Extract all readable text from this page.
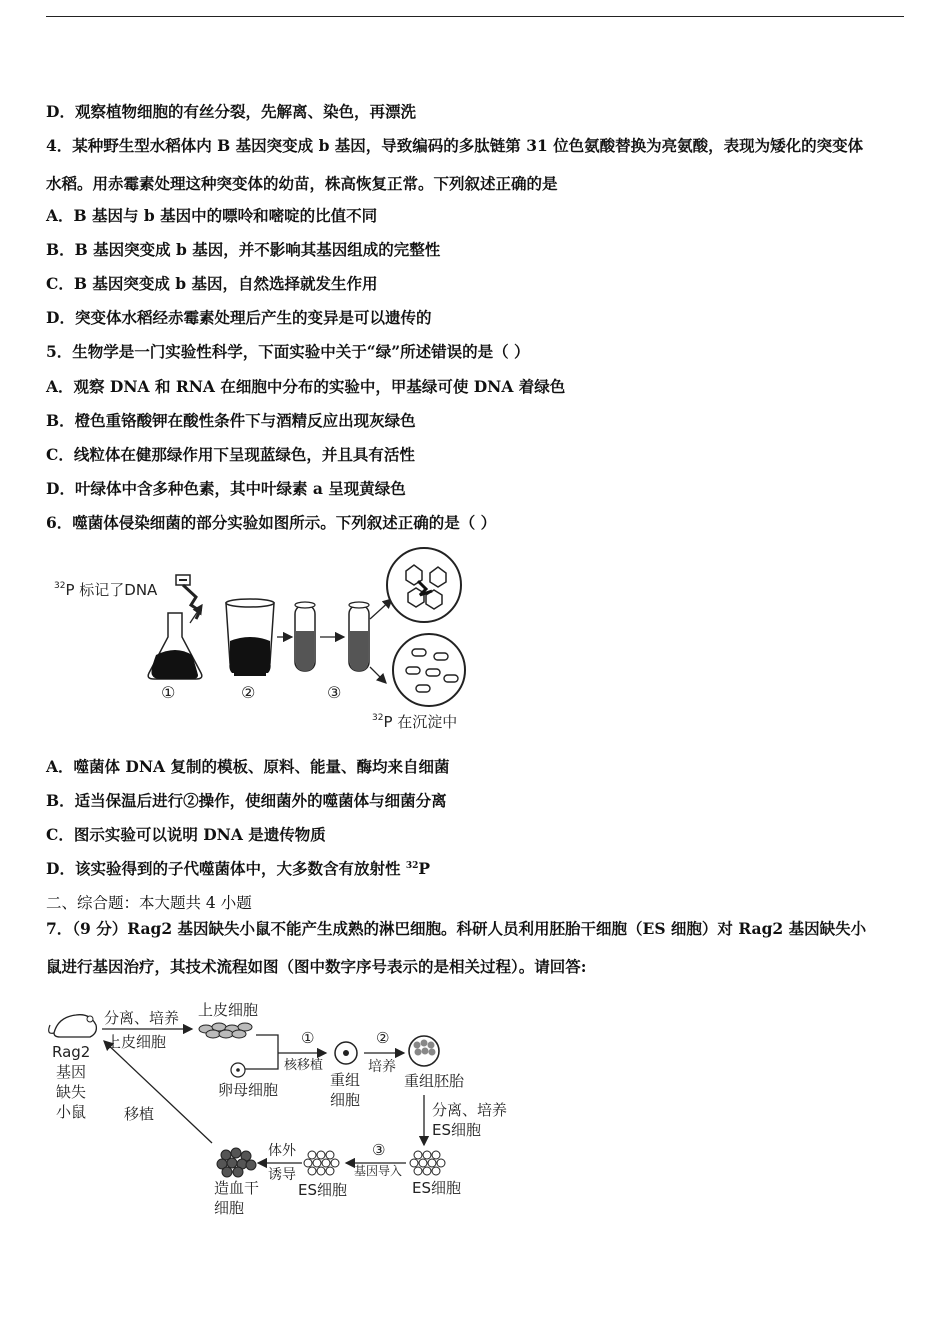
D．观察植物细胞的有丝分裂，先解离、染色，再漂洗
4．某种野生型水稻体内 B 基因突变成 b 基因，导致编码的多肽链第 31 位色氨酸替换为亮氨酸，表现为矮化的突变体
水稻。用赤霉素处理这种突变体的幼苗，株高恢复正常。下列叙述正确的是
A．B 基因与 b 基因中的嘌呤和嘧啶的比值不同
B．B 基因突变成 b 基因，并不影响其基因组成的完整性
C．B 基因突变成 b 基因，自然选择就发生作用
D．突变体水稻经赤霉素处理后产生的变异是可以遗传的
5．生物学是一门实验性科学，下面实验中关于“绿”所述错误的是（ ）
A．观察 DNA 和 RNA 在细胞中分布的实验中，甲基绿可使 DNA 着绿色
B．橙色重铬酸钾在酸性条件下与酒精反应出现灰绿色
C．线粒体在健那绿作用下呈现蓝绿色，并且具有活性
D．叶绿体中含多种色素，其中叶绿素 a 呈现黄绿色
6．噬菌体侵染细菌的部分实验如图所示。下列叙述正确的是（ ）
$^{32}$P 标记了DNA
①	②	③
$^{32}$P 在沉淀中
A．噬菌体 DNA 复制的模板、原料、能量、酶均来自细菌
B．适当保温后进行②操作，使细菌外的噬菌体与细菌分离
C．图示实验可以说明 DNA 是遗传物质
D．该实验得到的子代噬菌体中，大多数含有放射性 $^{32}$P
二、综合题：本大题共 4 小题
7．（9 分）Rag2 基因缺失小鼠不能产生成熟的淋巴细胞。科研人员利用胚胎干细胞（ES 细胞）对 Rag2 基因缺失小
鼠进行基因治疗，其技术流程如图（图中数字序号表示的是相关过程）。请回答:
Rag2
基因
缺失
小鼠
分离、培养
上皮细胞
上皮细胞
①
核移植
卵母细胞
重组
细胞
②
培养
重组胚胎
分离、培养
ES细胞
ES细胞
③
基因导入
ES细胞
体外
诱导
造血干
细胞
移植
